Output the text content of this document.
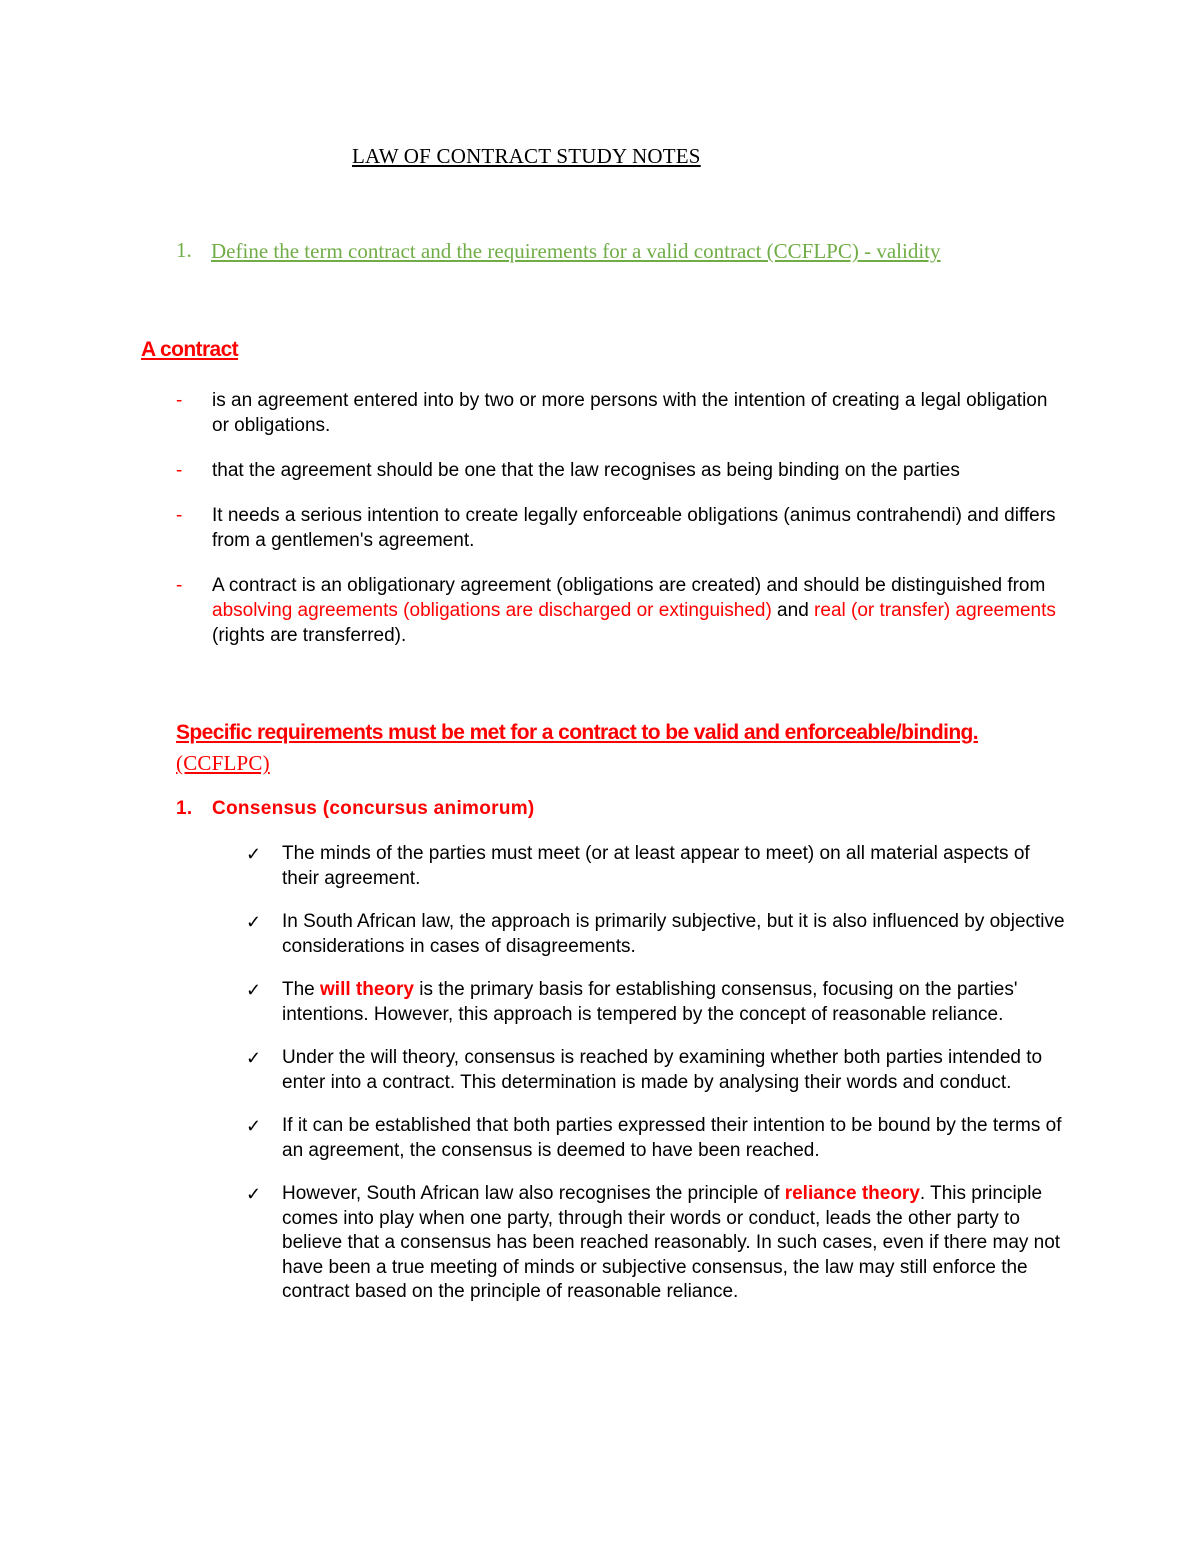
LAW OF CONTRACT STUDY NOTES
1. Define the term contract and the requirements for a valid contract (CCFLPC) - validity
A contract
- is an agreement entered into by two or more persons with the intention of creating a legal obligation or obligations.
- that the agreement should be one that the law recognises as being binding on the parties
- It needs a serious intention to create legally enforceable obligations (animus contrahendi) and differs from a gentlemen's agreement.
- A contract is an obligationary agreement (obligations are created) and should be distinguished from absolving agreements (obligations are discharged or extinguished) and real (or transfer) agreements (rights are transferred).
Specific requirements must be met for a contract to be valid and enforceable/binding.
(CCFLPC)
1. Consensus (concursus animorum)
✓ The minds of the parties must meet (or at least appear to meet) on all material aspects of their agreement.
✓ In South African law, the approach is primarily subjective, but it is also influenced by objective considerations in cases of disagreements.
✓ The will theory is the primary basis for establishing consensus, focusing on the parties' intentions. However, this approach is tempered by the concept of reasonable reliance.
✓ Under the will theory, consensus is reached by examining whether both parties intended to enter into a contract. This determination is made by analysing their words and conduct.
✓ If it can be established that both parties expressed their intention to be bound by the terms of an agreement, the consensus is deemed to have been reached.
✓ However, South African law also recognises the principle of reliance theory. This principle comes into play when one party, through their words or conduct, leads the other party to believe that a consensus has been reached reasonably. In such cases, even if there may not have been a true meeting of minds or subjective consensus, the law may still enforce the contract based on the principle of reasonable reliance.
